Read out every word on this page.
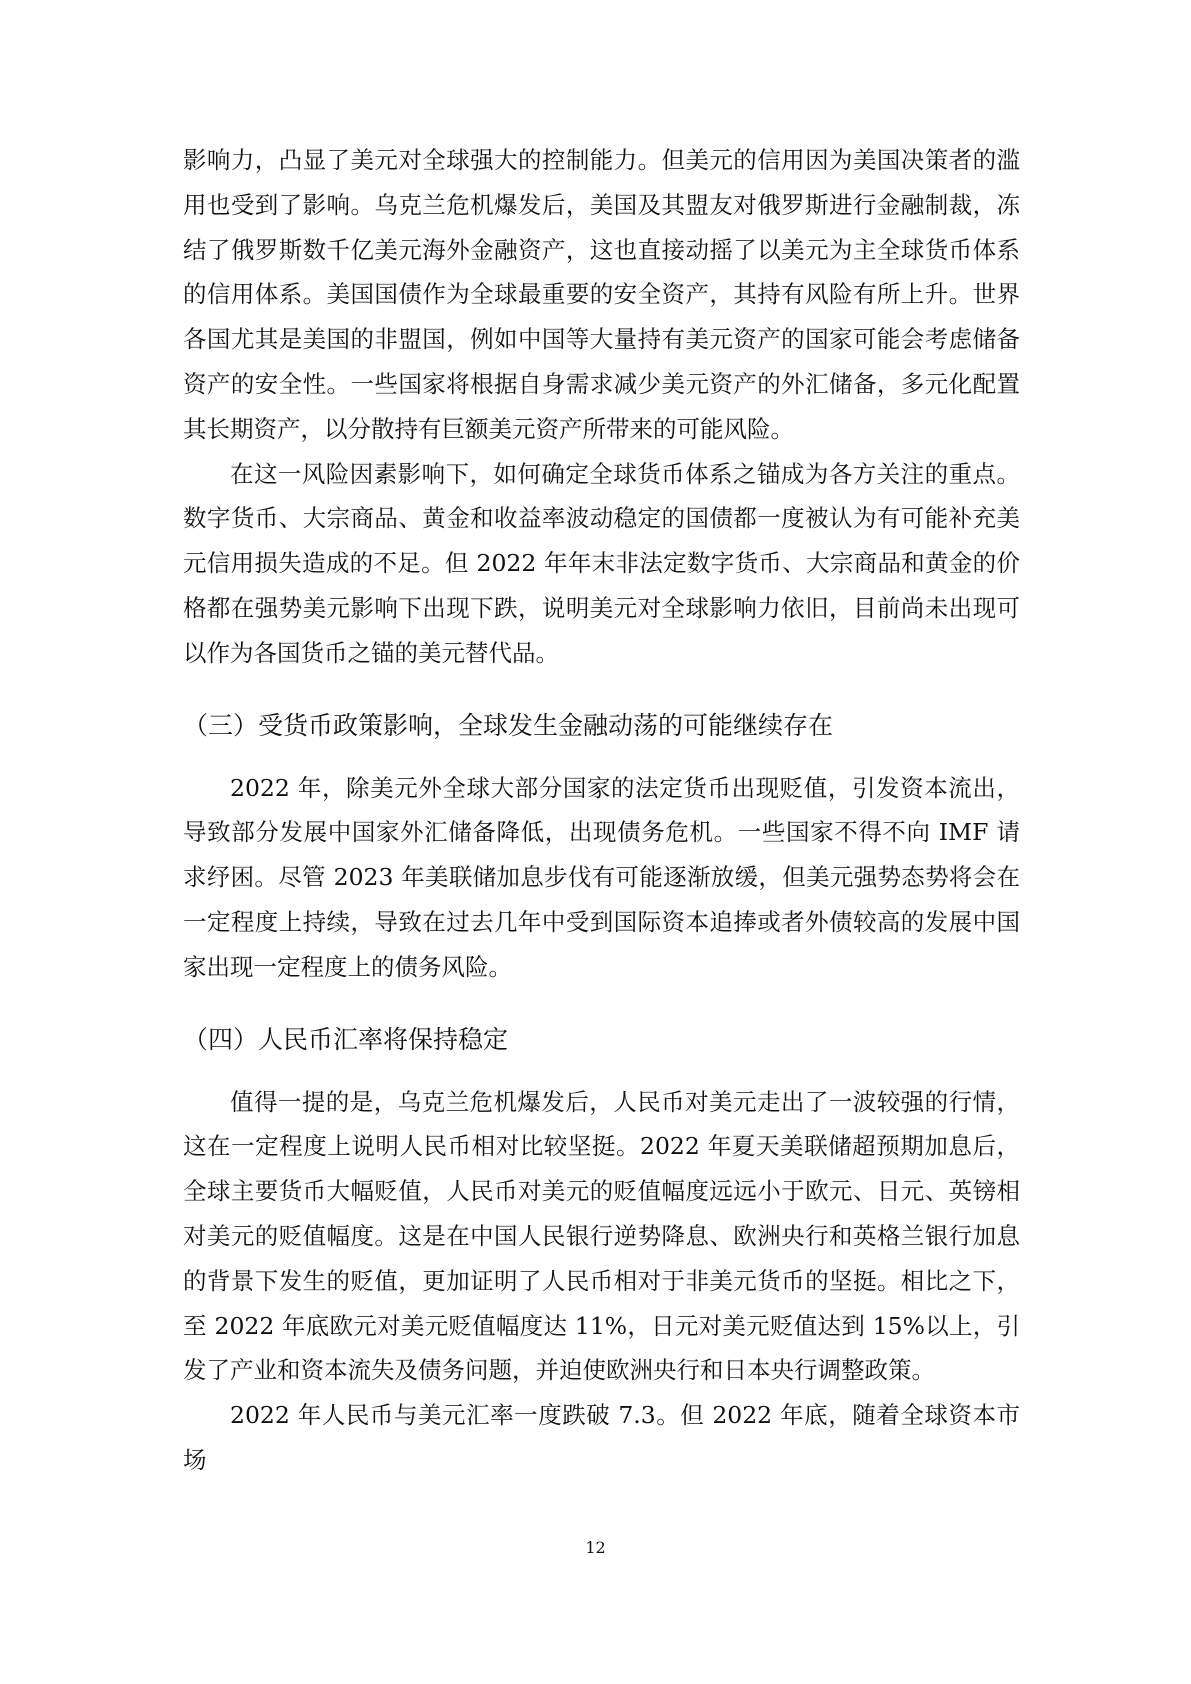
影响力，凸显了美元对全球强大的控制能力。但美元的信用因为美国决策者的滥用也受到了影响。乌克兰危机爆发后，美国及其盟友对俄罗斯进行金融制裁，冻结了俄罗斯数千亿美元海外金融资产，这也直接动摇了以美元为主全球货币体系的信用体系。美国国债作为全球最重要的安全资产，其持有风险有所上升。世界各国尤其是美国的非盟国，例如中国等大量持有美元资产的国家可能会考虑储备资产的安全性。一些国家将根据自身需求减少美元资产的外汇储备，多元化配置其长期资产，以分散持有巨额美元资产所带来的可能风险。

在这一风险因素影响下，如何确定全球货币体系之锚成为各方关注的重点。数字货币、大宗商品、黄金和收益率波动稳定的国债都一度被认为有可能补充美元信用损失造成的不足。但 2022 年年末非法定数字货币、大宗商品和黄金的价格都在强势美元影响下出现下跌，说明美元对全球影响力依旧，目前尚未出现可以作为各国货币之锚的美元替代品。

（三）受货币政策影响，全球发生金融动荡的可能继续存在

2022 年，除美元外全球大部分国家的法定货币出现贬值，引发资本流出，导致部分发展中国家外汇储备降低，出现债务危机。一些国家不得不向 IMF 请求纾困。尽管 2023 年美联储加息步伐有可能逐渐放缓，但美元强势态势将会在一定程度上持续，导致在过去几年中受到国际资本追捧或者外债较高的发展中国家出现一定程度上的债务风险。

（四）人民币汇率将保持稳定

值得一提的是，乌克兰危机爆发后，人民币对美元走出了一波较强的行情，这在一定程度上说明人民币相对比较坚挺。2022 年夏天美联储超预期加息后，全球主要货币大幅贬值，人民币对美元的贬值幅度远远小于欧元、日元、英镑相对美元的贬值幅度。这是在中国人民银行逆势降息、欧洲央行和英格兰银行加息的背景下发生的贬值，更加证明了人民币相对于非美元货币的坚挺。相比之下，至 2022 年底欧元对美元贬值幅度达 11%，日元对美元贬值达到 15%以上，引发了产业和资本流失及债务问题，并迫使欧洲央行和日本央行调整政策。

2022 年人民币与美元汇率一度跌破 7.3。但 2022 年底，随着全球资本市场

12
